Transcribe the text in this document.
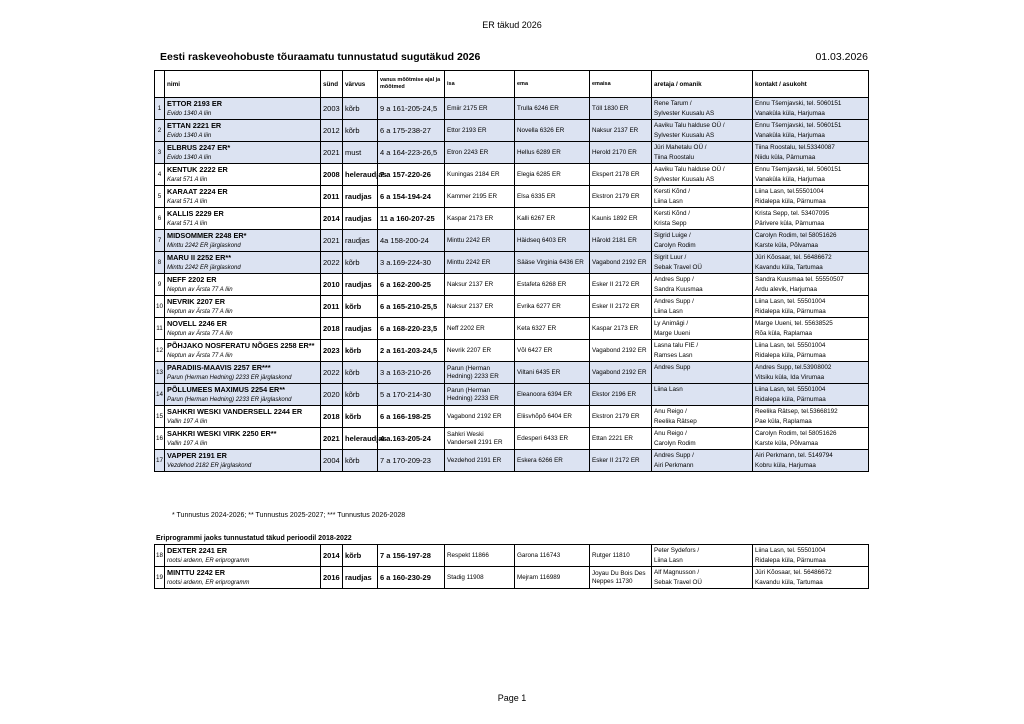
ER täkud 2026
Eesti raskeveohobuste tõuraamatu tunnustatud sugutäkud 2026	01.03.2026
	nimi	sünd	värvus	vanus mõõtmise ajal ja mõõtmed	isa	ema	emaisa	aretaja / omanik	kontakt / asukoht
1	ETTOR 2193 ER	2003	kõrb	9 a 161-205-24,5	Emiir 2175 ER	Trulla 6246 ER	Töll 1830 ER	Rene Tarum /	Ennu Tšernjavski, tel. 5060151
	Evido 1340 A liin							Sylvester Kuusalu AS	Vanaküla küla, Harjumaa
2	ETTAN 2221 ER	2012	kõrb	6 a 175-238-27	Ettor 2193 ER	Novella 6326 ER	Naksur 2137 ER	Aaviku Talu halduse OÜ /	Ennu Tšernjavski, tel. 5060151
	Evido 1340 A liin							Sylvester Kuusalu AS	Vanaküla küla, Harjumaa
3	ELBRUS 2247 ER*	2021	must	4 a 164-223-26,5	Etron 2243 ER	Hellus 6289 ER	Herold 2170 ER	Jüri Mahetalu OÜ /	Tiina Roostalu, tel.53340087
	Evido 1340 A liin							Tiina Roostalu	Niidu küla, Pärnumaa
4	KENTUK 2222 ER	2008	heleraudjas	7 a 157-220-26	Kuningas 2184 ER	Elegia 6285 ER	Ekspert 2178 ER	Aaviku Talu halduse OÜ /	Ennu Tšernjavski, tel. 5060151
	Karat 571 A liin							Sylvester Kuusalu AS	Vanaküla küla, Harjumaa
5	KARAAT 2224 ER	2011	raudjas	6 a 154-194-24	Kammer 2195 ER	Elsa 6335 ER	Ekstron 2179 ER	Kersti Kõnd /	Liina Lasn, tel.55501004
	Karat 571 A liin							Liina Lasn	Ridalepa küla, Pärnumaa
6	KALLIS 2229 ER	2014	raudjas	11 a 160-207-25	Kaspar 2173 ER	Kalli 6267 ER	Kaunis 1892 ER	Kersti Kõnd /	Krista Sepp, tel. 53407095
	Karat 571 A liin							Krista Sepp	Pärivere küla, Pärnumaa
7	MIDSOMMER 2248 ER*	2021	raudjas	4a 158-200-24	Minttu 2242 ER	Häidseq 6403 ER	Hărold 2181 ER	Sigrid Luige /	Carolyn Rodim, tel 58051626
	Minttu 2242 ER järglaskond							Carolyn Rodim	Karste küla, Põlvamaa
8	MARU II 2252 ER**	2022	kõrb	3 a.169-224-30	Minttu 2242 ER	Sääse Virginia 6436 ER	Vagabond 2192 ER	Sigrit Luur /	Jüri Kõosaar, tel. 56486672
	Minttu 2242 ER järglaskond							Sebak Travel OÜ	Kavandu küla, Tartumaa
9	NEFF 2202 ER	2010	raudjas	6 a 162-200-25	Naksur 2137 ER	Estafeta 6268 ER	Esker II 2172 ER	Andres Supp /	Sandra Kuusmaa tel. 55550507
	Neptun av Ärsta 77 A liin							Sandra Kuusmaa	Ardu alevik, Harjumaa
10	NEVRIK 2207 ER	2011	kõrb	6 a 165-210-25,5	Naksur 2137 ER	Evrika 6277 ER	Esker II 2172 ER	Andres Supp /	Liina Lasn, tel. 55501004
	Neptun av Ärsta 77 A liin							Liina Lasn	Ridalepa küla, Pärnumaa
11	NOVELL 2246 ER	2018	raudjas	6 a 168-220-23,5	Neff 2202 ER	Keta 6327 ER	Kaspar 2173 ER	Ly Animägi /	Marge Uueni, tel. 55638525
	Neptun av Ärsta 77 A liin							Marge Uueni	Rõa küla, Raplamaa
12	PÕHJAKO NOSFERATU NÕGES 2258 ER**	2023	kõrb	2 a 161-203-24,5	Nevrik 2207 ER	Võl 6427 ER	Vagabond 2192 ER	Lasna talu FIE /	Liina Lasn, tel. 55501004
	Neptun av Ärsta 77 A liin							Ramses Lasn	Ridalepa küla, Pärnumaa
13	PARADIIS-MAAVIS 2257 ER***	2022	kõrb	3 a 163-210-26	Parun (Herman Hedning) 2233 ER	Viltani 6435 ER	Vagabond 2192 ER	Andres Supp	Andres Supp, tel.53908002
	Parun (Herman Hedning) 2233 ER järglaskond								Vitsiku küla, Ida Virumaa
14	PÕLLUMEES MAXIMUS 2254 ER**	2020	kõrb	5 a 170-214-30	Parun (Herman Hedning) 2233 ER	Eleanoora 6394 ER	Ekstor 2196 ER	Liina Lasn	Liina Lasn, tel. 55501004
	Parun (Herman Hedning) 2233 ER järglaskond								Ridalepa küla, Pärnumaa
15	SAHKRI WESKI VANDERSELL 2244 ER	2018	kõrb	6 a 166-198-25	Vagabond 2192 ER	Eliisvhõpõ 6404 ER	Ekstron 2179 ER	Anu Reigo /	Reelika Rätsep, tel.53668192
	Vallin 197 A liin							Reelika Rätsep	Pae küla, Raplamaa
16	SAHKRI WESKI VIRK 2250 ER**	2021	heleraudjas	4 a.163-205-24	Sahkri Weski Vandersell 2191 ER	Edesperi 6433 ER	Ettan 2221 ER	Anu Reigo /	Carolyn Rodim, tel 58051626
	Vallin 197 A liin							Carolyn Rodim	Karste küla, Põlvamaa
17	VAPPER 2191 ER	2004	kõrb	7 a 170-209-23	Vezdehod 2191 ER	Eskera 6266 ER	Esker II 2172 ER	Andres Supp /	Airi Perkmann, tel. 5149794
	Vezdehod 2182 ER järglaskond							Airi Perkmann	Kobru küla, Harjumaa
* Tunnustus 2024-2026; ** Tunnustus 2025-2027; *** Tunnustus 2026-2028
Eriprogrammi jaoks tunnustatud täkud perioodil 2018-2022
18	DEXTER 2241 ER	2014	kõrb	7 a 156-197-28	Respekt 11866	Garona 116743	Rutger 11810	Peter Sydefors /	Liina Lasn, tel. 55501004
	rootsi ardenn, ER eriprogramm							Liina Lasn	Ridalepa küla, Pärnumaa
19	MINTTU 2242 ER	2016	raudjas	6 a 160-230-29	Stadig 11908	Mejram 116989	Joyau Du Bois Des Neppes 11730	Alf Magnusson /	Jüri Kõosaar, tel. 56486672
	rootsi ardenn, ER eriprogramm							Sebak Travel OÜ	Kavandu küla, Tartumaa
Page 1
